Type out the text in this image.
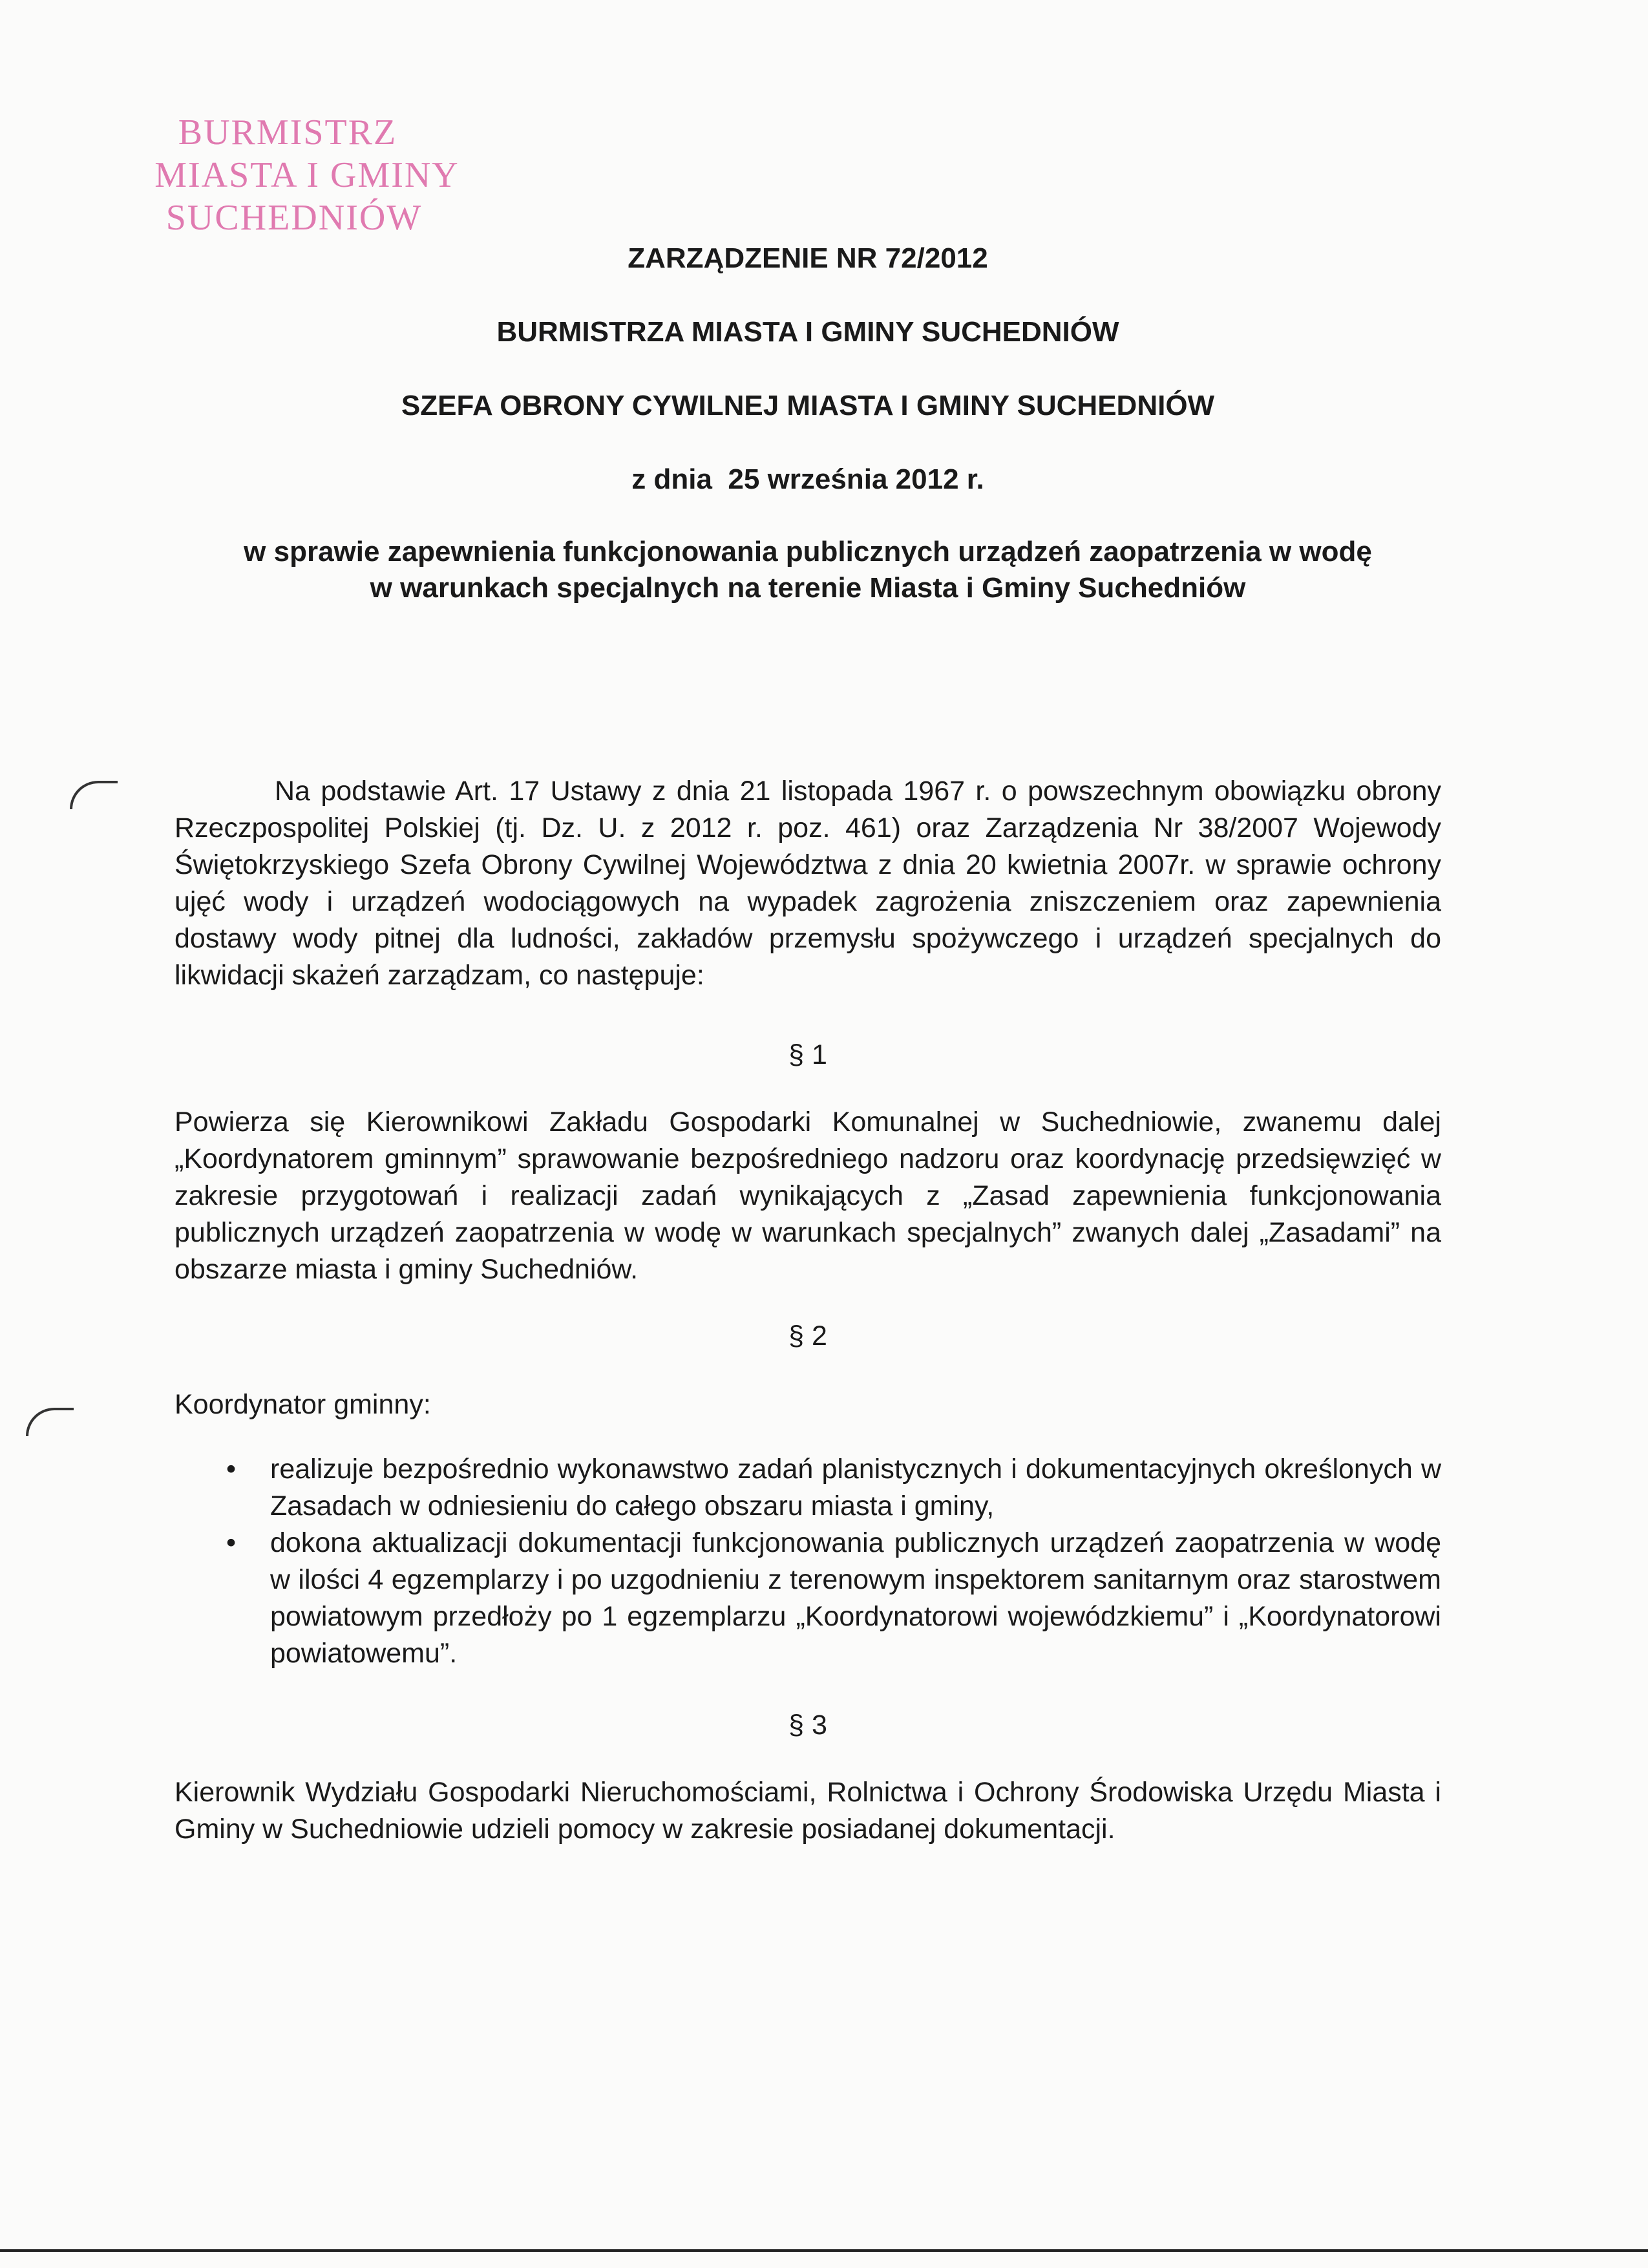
BURMISTRZ
MIASTA I GMINY
SUCHEDNIÓW
ZARZĄDZENIE NR 72/2012
BURMISTRZA MIASTA I GMINY SUCHEDNIÓW
SZEFA OBRONY CYWILNEJ MIASTA I GMINY SUCHEDNIÓW
z dnia  25 września 2012 r.
w sprawie zapewnienia funkcjonowania publicznych urządzeń zaopatrzenia w wodę
w warunkach specjalnych na terenie Miasta i Gminy Suchedniów
Na podstawie Art. 17 Ustawy z dnia 21 listopada 1967 r. o powszechnym obowiązku obrony Rzeczpospolitej Polskiej (tj. Dz. U. z 2012 r. poz. 461) oraz Zarządzenia Nr 38/2007 Wojewody Świętokrzyskiego Szefa Obrony Cywilnej Województwa z dnia 20 kwietnia 2007r. w sprawie ochrony ujęć wody i urządzeń wodociągowych na wypadek zagrożenia zniszczeniem oraz zapewnienia dostawy wody pitnej dla ludności, zakładów przemysłu spożywczego i urządzeń specjalnych do likwidacji skażeń zarządzam, co następuje:
§ 1
Powierza się Kierownikowi Zakładu Gospodarki Komunalnej w Suchedniowie, zwanemu dalej „Koordynatorem gminnym” sprawowanie bezpośredniego nadzoru oraz koordynację przedsięwzięć w zakresie przygotowań i realizacji zadań wynikających z „Zasad zapewnienia funkcjonowania publicznych urządzeń zaopatrzenia w wodę w warunkach specjalnych” zwanych dalej „Zasadami” na obszarze miasta i gminy Suchedniów.
§ 2
Koordynator gminny:
• realizuje bezpośrednio wykonawstwo zadań planistycznych i dokumentacyjnych określonych w Zasadach w odniesieniu do całego obszaru miasta i gminy,
• dokona aktualizacji dokumentacji funkcjonowania publicznych urządzeń zaopatrzenia w wodę w ilości 4 egzemplarzy i po uzgodnieniu z terenowym inspektorem sanitarnym oraz starostwem powiatowym przedłoży po 1 egzemplarzu „Koordynatorowi wojewódzkiemu” i „Koordynatorowi powiatowemu”.
§ 3
Kierownik Wydziału Gospodarki Nieruchomościami, Rolnictwa i Ochrony Środowiska Urzędu Miasta i Gminy w Suchedniowie udzieli pomocy w zakresie posiadanej dokumentacji.
